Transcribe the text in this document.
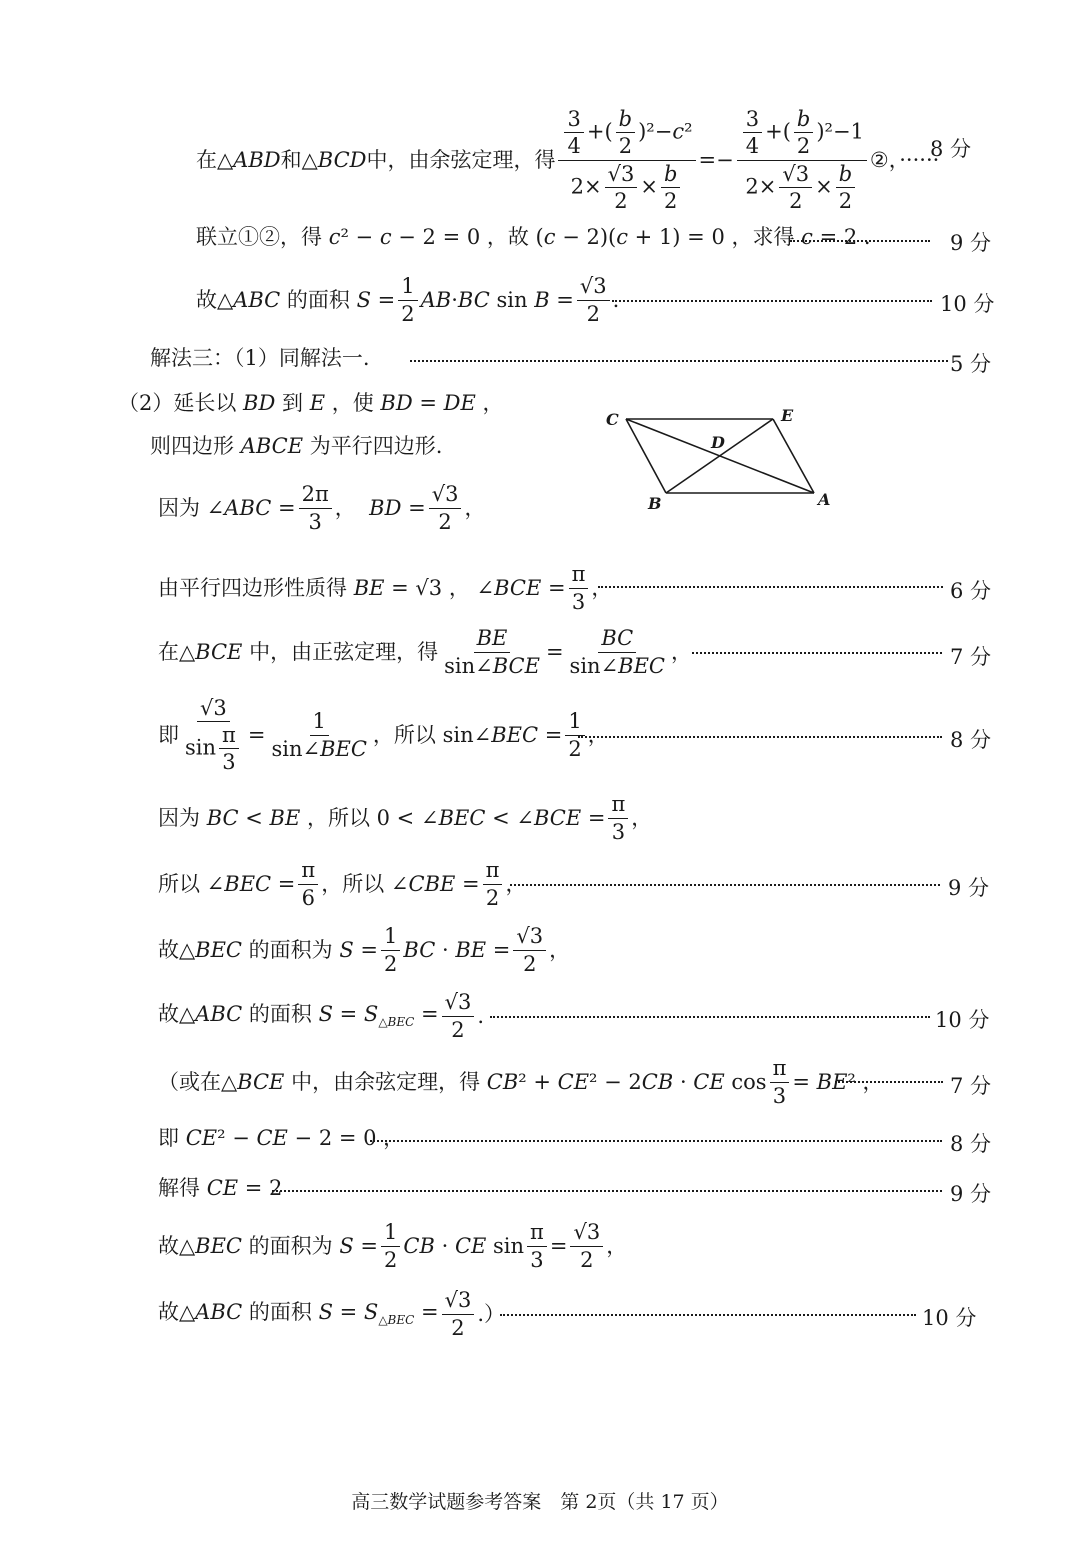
在△ABD和△BCD中，由余弦定理，得 $\frac{\frac{3}{4} +( \frac{b}{2} )^2-c^2}{2\times \frac{√3}{2} \times \frac{b}{2}} =- \frac{\frac{3}{4} +( \frac{b}{2} )^2-1}{2\times \frac{√3}{2} \times \frac{b}{2}}$ ②，······
8 分
联立①②，得 c² − c − 2 = 0 ，故 (c − 2)(c + 1) = 0 ，求得 c = 2 .	9 分
故△ABC 的面积 $S = \frac{1}{2} AB\cdot BC$ $\sin B = \frac{√3}{2}$ .	10 分
解法三：（1）同解法一.	5 分
（2）延长以 BD 到 E ，使 BD = DE ，
则四边形 ABCE 为平行四边形.
C	E
D
B	A
因为 ∠ABC = $\frac{2\pi}{3}$ ，  BD = $\frac{√3}{2}$ ，
由平行四边形性质得 BE = √3 ， ∠BCE = $\frac{\pi}{3}$ ，	6 分
在△BCE 中，由正弦定理，得 $\frac{BE}{\text{sin∠BCE}} = \frac{BC}{\text{sin∠BEC}}$ ，	7 分
即 $\frac{√3}{\sin \frac{\pi}{3}} = \frac{1}{\text{sin∠BEC}}$ ，所以 sin∠BEC = $\frac{1}{2}$ ，	8 分
因为 BC < BE ，所以 0 < ∠BEC < ∠BCE = $\frac{\pi}{3}$ ，
所以 ∠BEC = $\frac{\pi}{6}$ ，所以 ∠CBE = $\frac{\pi}{2}$ ，	9 分
故△BEC 的面积为 $S = \frac{1}{2}$ BC · BE = $\frac{√3}{2}$ ，
故△ABC 的面积 $S = S_{\triangle BEC} = \frac{√3}{2}$ .	10 分
（或在△BCE 中，由余弦定理，得 CB² + CE² − 2CB · CE $\cos \frac{\pi}{3} = BE^2$ ，	7 分
即 CE² − CE − 2 = 0 ，	8 分
解得 CE = 2	9 分
故△BEC 的面积为 $S = \frac{1}{2}$ CB · CE $\sin \frac{\pi}{3} = \frac{√3}{2}$ ，
故△ABC 的面积 $S = S_{\triangle BEC} = \frac{√3}{2}$ .）	10 分
高三数学试题参考答案　第 2页（共 17 页）
